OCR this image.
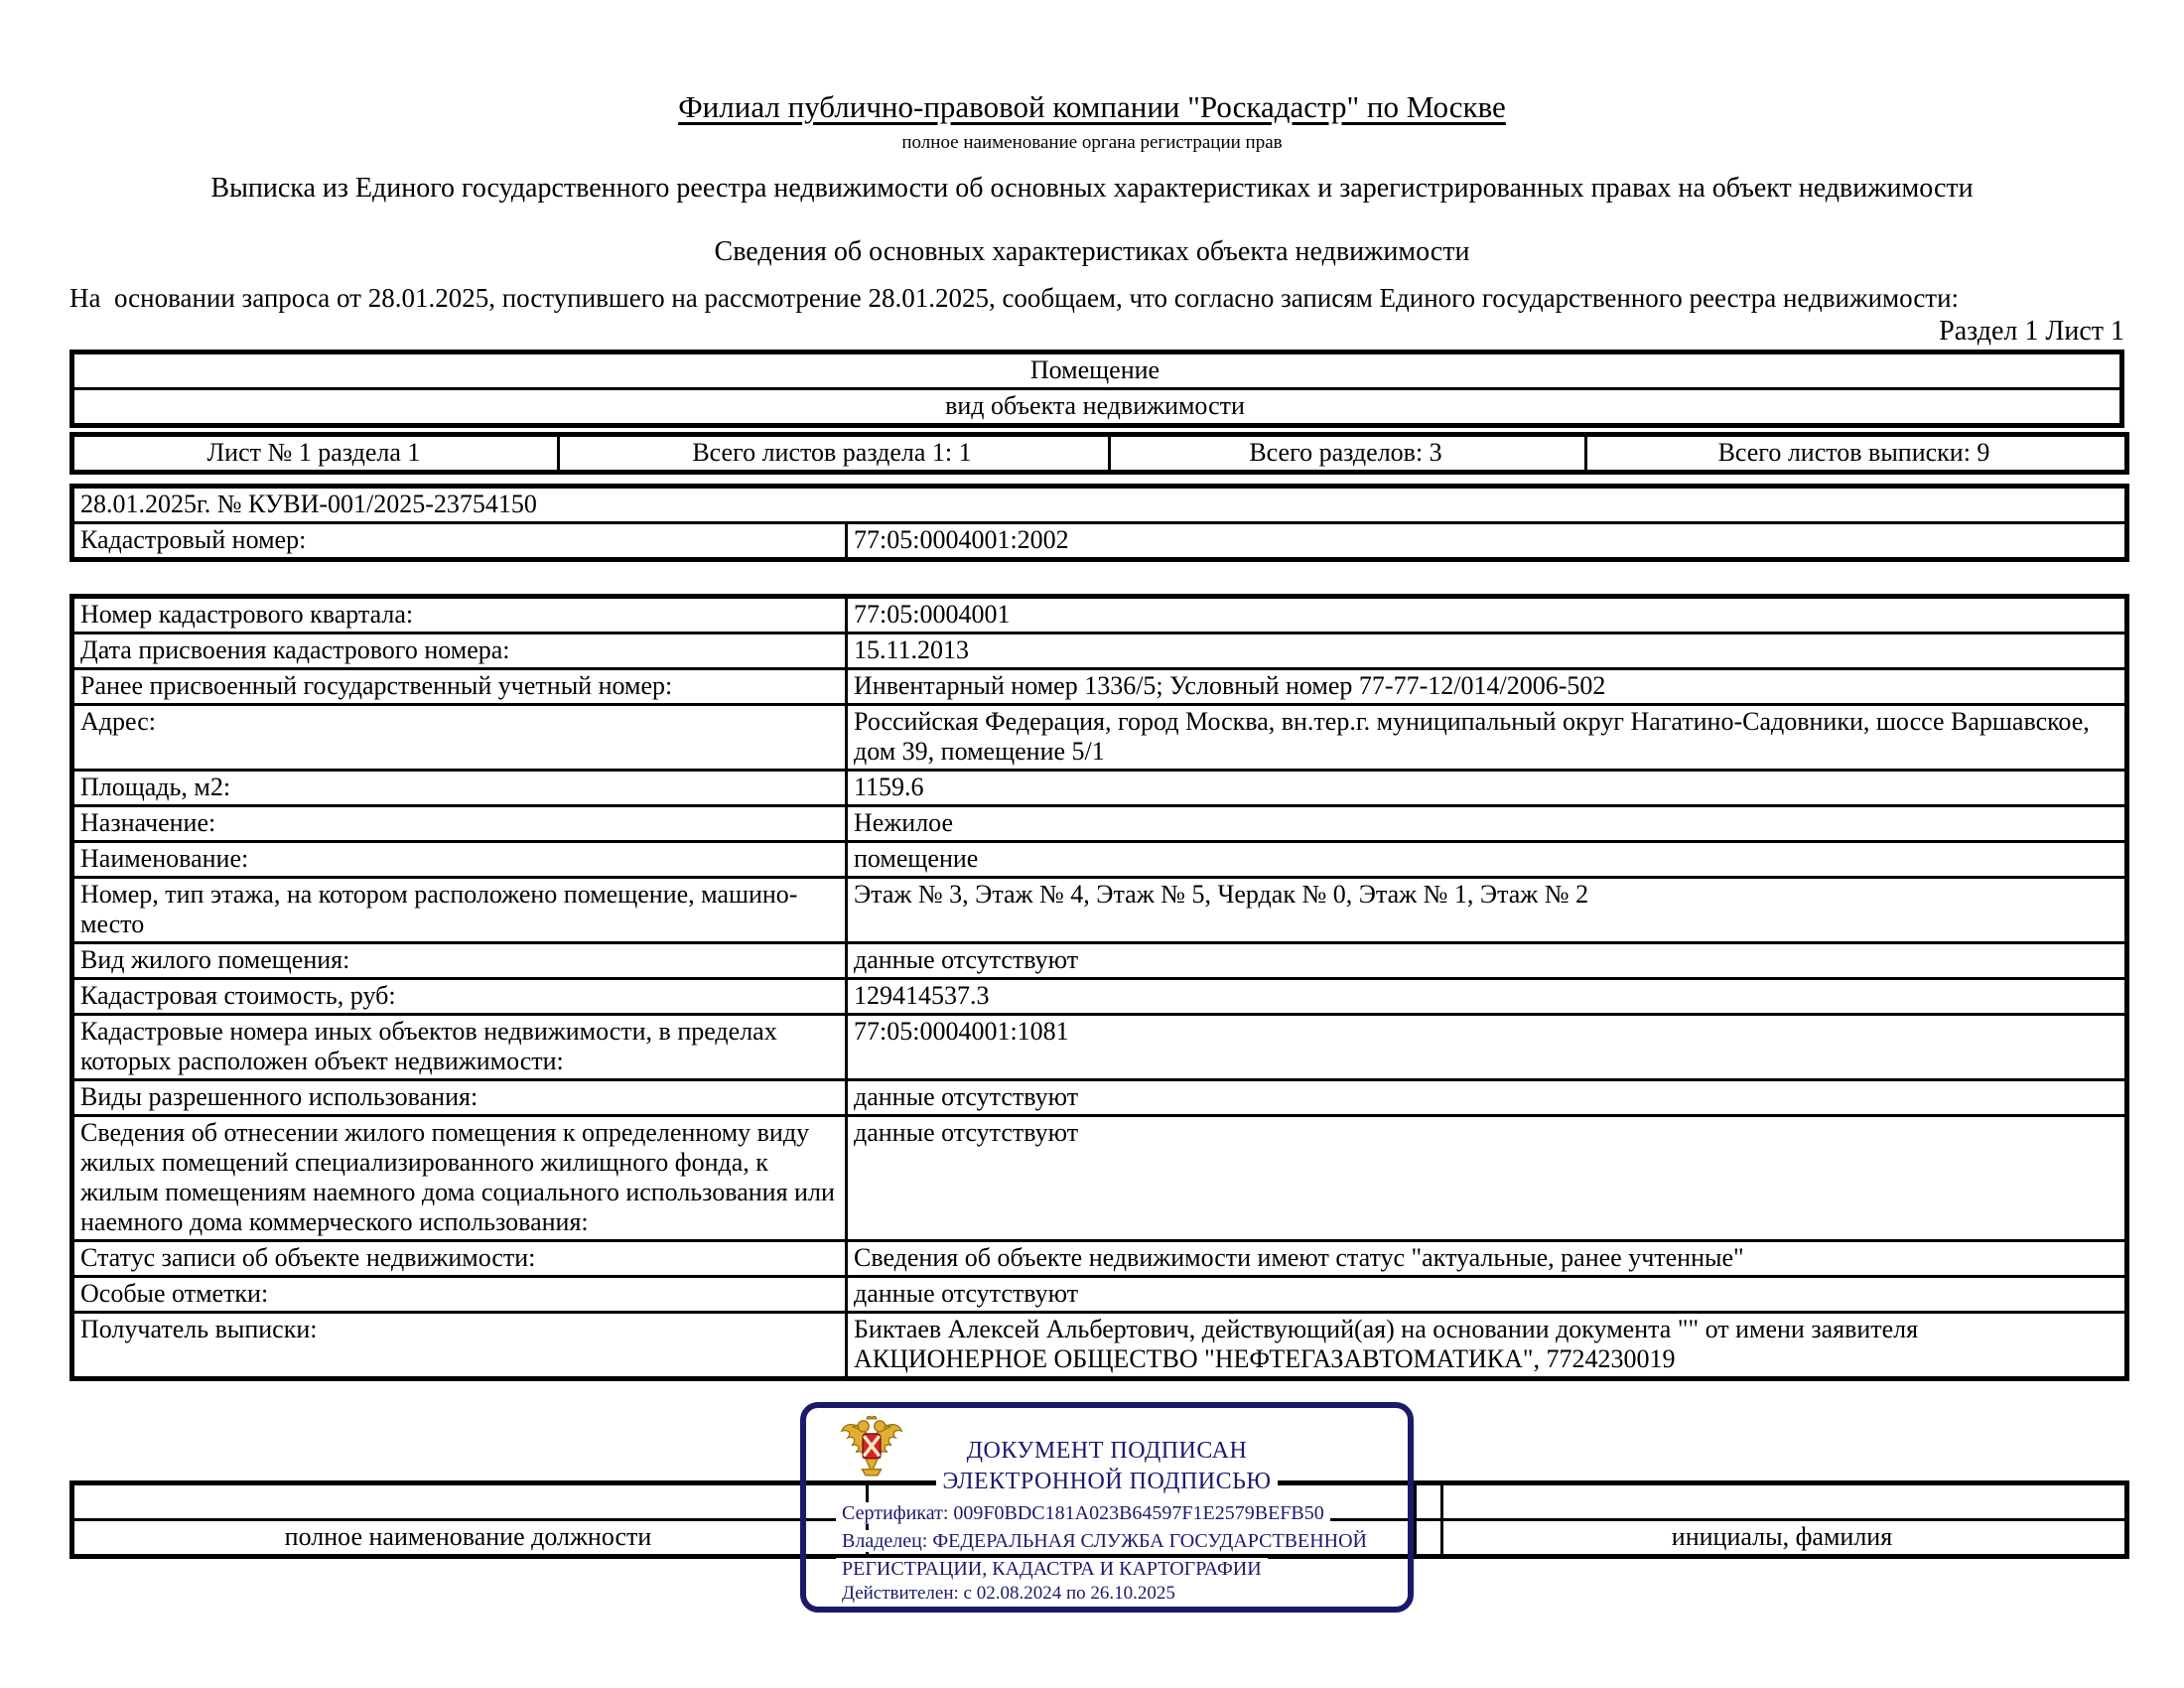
Филиал публично-правовой компании "Роскадастр" по Москве
полное наименование органа регистрации прав
Выписка из Единого государственного реестра недвижимости об основных характеристиках и зарегистрированных правах на объект недвижимости
Сведения об основных характеристиках объекта недвижимости
На  основании запроса от 28.01.2025, поступившего на рассмотрение 28.01.2025, сообщаем, что согласно записям Единого государственного реестра недвижимости:
Раздел 1 Лист 1
Помещение
вид объекта недвижимости
Лист № 1 раздела 1	Всего листов раздела 1: 1	Всего разделов: 3	Всего листов выписки: 9
28.01.2025г. № КУВИ-001/2025-23754150
Кадастровый номер:	77:05:0004001:2002
Номер кадастрового квартала:	77:05:0004001
Дата присвоения кадастрового номера:	15.11.2013
Ранее присвоенный государственный учетный номер:	Инвентарный номер 1336/5; Условный номер 77-77-12/014/2006-502
Адрес:	Российская Федерация, город Москва, вн.тер.г. муниципальный округ Нагатино-Садовники, шоссе Варшавское, дом 39, помещение 5/1
Площадь, м2:	1159.6
Назначение:	Нежилое
Наименование:	помещение
Номер, тип этажа, на котором расположено помещение, машино-место	Этаж № 3, Этаж № 4, Этаж № 5, Чердак № 0, Этаж № 1, Этаж № 2
Вид жилого помещения:	данные отсутствуют
Кадастровая стоимость, руб:	129414537.3
Кадастровые номера иных объектов недвижимости, в пределах которых расположен объект недвижимости:	77:05:0004001:1081
Виды разрешенного использования:	данные отсутствуют
Сведения об отнесении жилого помещения к определенному виду жилых помещений специализированного жилищного фонда, к жилым помещениям наемного дома социального использования или наемного дома коммерческого использования:	данные отсутствуют
Статус записи об объекте недвижимости:	Сведения об объекте недвижимости имеют статус "актуальные, ранее учтенные"
Особые отметки:	данные отсутствуют
Получатель выписки:	Биктаев Алексей Альбертович, действующий(ая) на основании документа "" от имени заявителя АКЦИОНЕРНОЕ ОБЩЕСТВО "НЕФТЕГАЗАВТОМАТИКА", 7724230019

полное наименование должности			инициалы, фамилия
ДОКУМЕНТ ПОДПИСАН
ЭЛЕКТРОННОЙ ПОДПИСЬЮ
Сертификат: 009F0BDC181A023B64597F1E2579BEFB50
Владелец: ФЕДЕРАЛЬНАЯ СЛУЖБА ГОСУДАРСТВЕННОЙ
РЕГИСТРАЦИИ, КАДАСТРА И КАРТОГРАФИИ
Действителен: с 02.08.2024 по 26.10.2025
